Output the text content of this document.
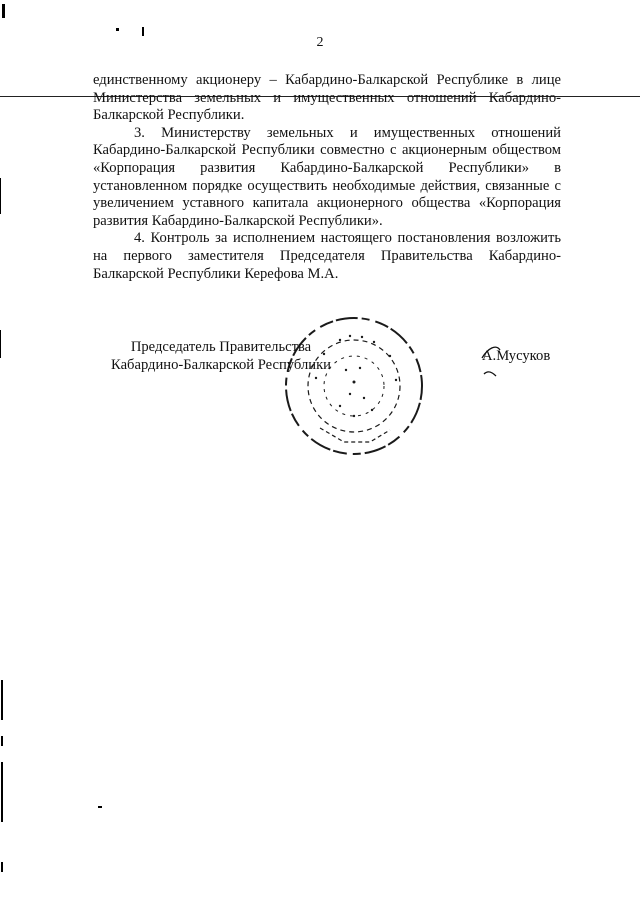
2

единственному акционеру – Кабардино-Балкарской Республике в лице Министерства земельных и имущественных отношений Кабардино-Балкарской Республики.

3. Министерству земельных и имущественных отношений Кабардино-Балкарской Республики совместно с акционерным обществом «Корпорация развития Кабардино-Балкарской Республики» в установленном порядке осуществить необходимые действия, связанные с увеличением уставного капитала акционерного общества «Корпорация развития Кабардино-Балкарской Республики».

4. Контроль за исполнением настоящего постановления возложить на первого заместителя Председателя Правительства Кабардино-Балкарской Республики Керефова М.А.

Председатель Правительства
Кабардино-Балкарской Республики
А.Мусуков
